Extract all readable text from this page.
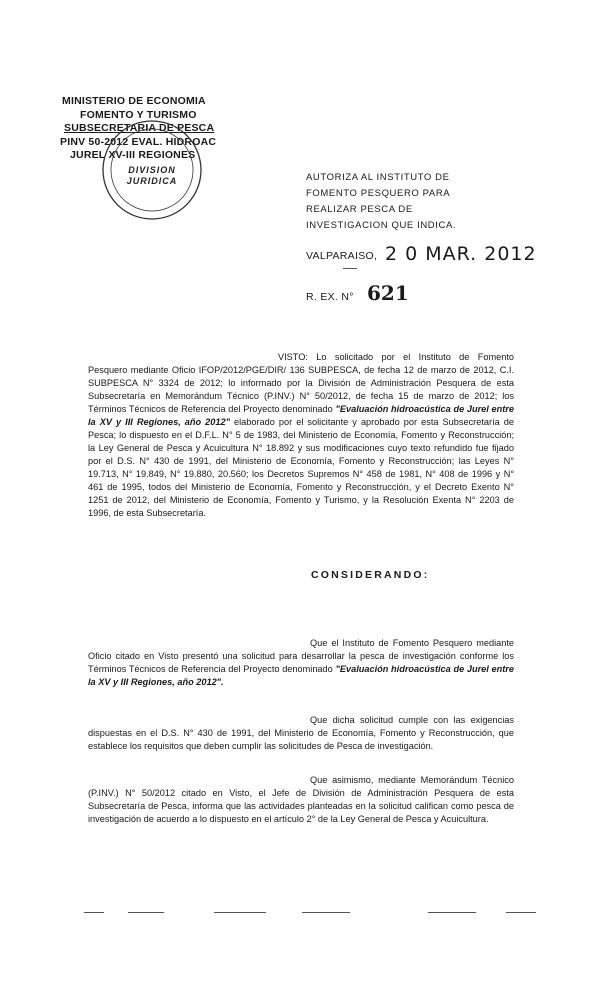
MINISTERIO DE ECONOMIA
FOMENTO Y TURISMO
SUBSECRETARIA DE PESCA
PINV 50-2012 EVAL. HIDROAC
JUREL XV-III REGIONES
DIVISION
JURIDICA	AUTORIZA AL INSTITUTO DE FOMENTO PESQUERO PARA REALIZAR PESCA DE INVESTIGACION QUE INDICA.
VALPARAISO, 2 0 MAR. 2012
R. EX. N° 621

VISTO: Lo solicitado por el Instituto de Fomento Pesquero mediante Oficio IFOP/2012/PGE/DIR/ 136 SUBPESCA, de fecha 12 de marzo de 2012, C.I. SUBPESCA N° 3324 de 2012; lo informado por la División de Administración Pesquera de esta Subsecretaría en Memorándum Técnico (P.INV.) N° 50/2012, de fecha 15 de marzo de 2012; los Términos Técnicos de Referencia del Proyecto denominado "Evaluación hidroacústica de Jurel entre la XV y III Regiones, año 2012" elaborado por el solicitante y aprobado por esta Subsecretaría de Pesca; lo dispuesto en el D.F.L. N° 5 de 1983, del Ministerio de Economía, Fomento y Reconstrucción; la Ley General de Pesca y Acuicultura N° 18.892 y sus modificaciones cuyo texto refundido fue fijado por el D.S. N° 430 de 1991, del Ministerio de Economía, Fomento y Reconstrucción; las Leyes N° 19.713, N° 19.849, N° 19.880, 20.560; los Decretos Supremos N° 458 de 1981, N° 408 de 1996 y N° 461 de 1995, todos del Ministerio de Economía, Fomento y Reconstrucción, y el Decreto Exento N° 1251 de 2012, del Ministerio de Economía, Fomento y Turismo, y la Resolución Exenta N° 2203 de 1996, de esta Subsecretaría.

CONSIDERANDO:

Que el Instituto de Fomento Pesquero mediante Oficio citado en Visto presentó una solicitud para desarrollar la pesca de investigación conforme los Términos Técnicos de Referencia del Proyecto denominado "Evaluación hidroacústica de Jurel entre la XV y III Regiones, año 2012".

Que dicha solicitud cumple con las exigencias dispuestas en el D.S. N° 430 de 1991, del Ministerio de Economía, Fomento y Reconstrucción, que establece los requisitos que deben cumplir las solicitudes de Pesca de investigación.

Que asimismo, mediante Memorándum Técnico (P.INV.) N° 50/2012 citado en Visto, el Jefe de División de Administración Pesquera de esta Subsecretaría de Pesca, informa que las actividades planteadas en la solicitud califican como pesca de investigación de acuerdo a lo dispuesto en el artículo 2° de la Ley General de Pesca y Acuicultura.
